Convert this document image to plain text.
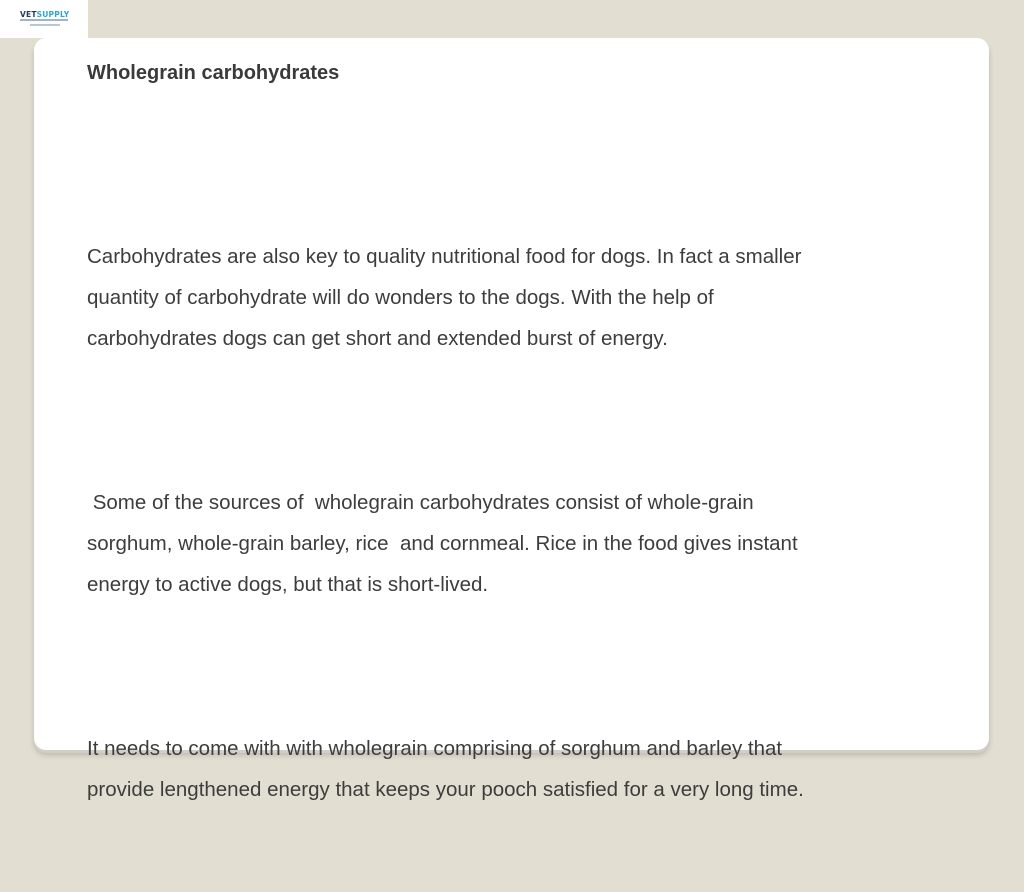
VETSUPPLY
Wholegrain carbohydrates

Carbohydrates are also key to quality nutritional food for dogs. In fact a smaller
quantity of carbohydrate will do wonders to the dogs. With the help of
carbohydrates dogs can get short and extended burst of energy.

Some of the sources of  wholegrain carbohydrates consist of whole-grain
sorghum, whole-grain barley, rice  and cornmeal. Rice in the food gives instant
energy to active dogs, but that is short-lived.

It needs to come with with wholegrain comprising of sorghum and barley that
provide lengthened energy that keeps your pooch satisfied for a very long time.
